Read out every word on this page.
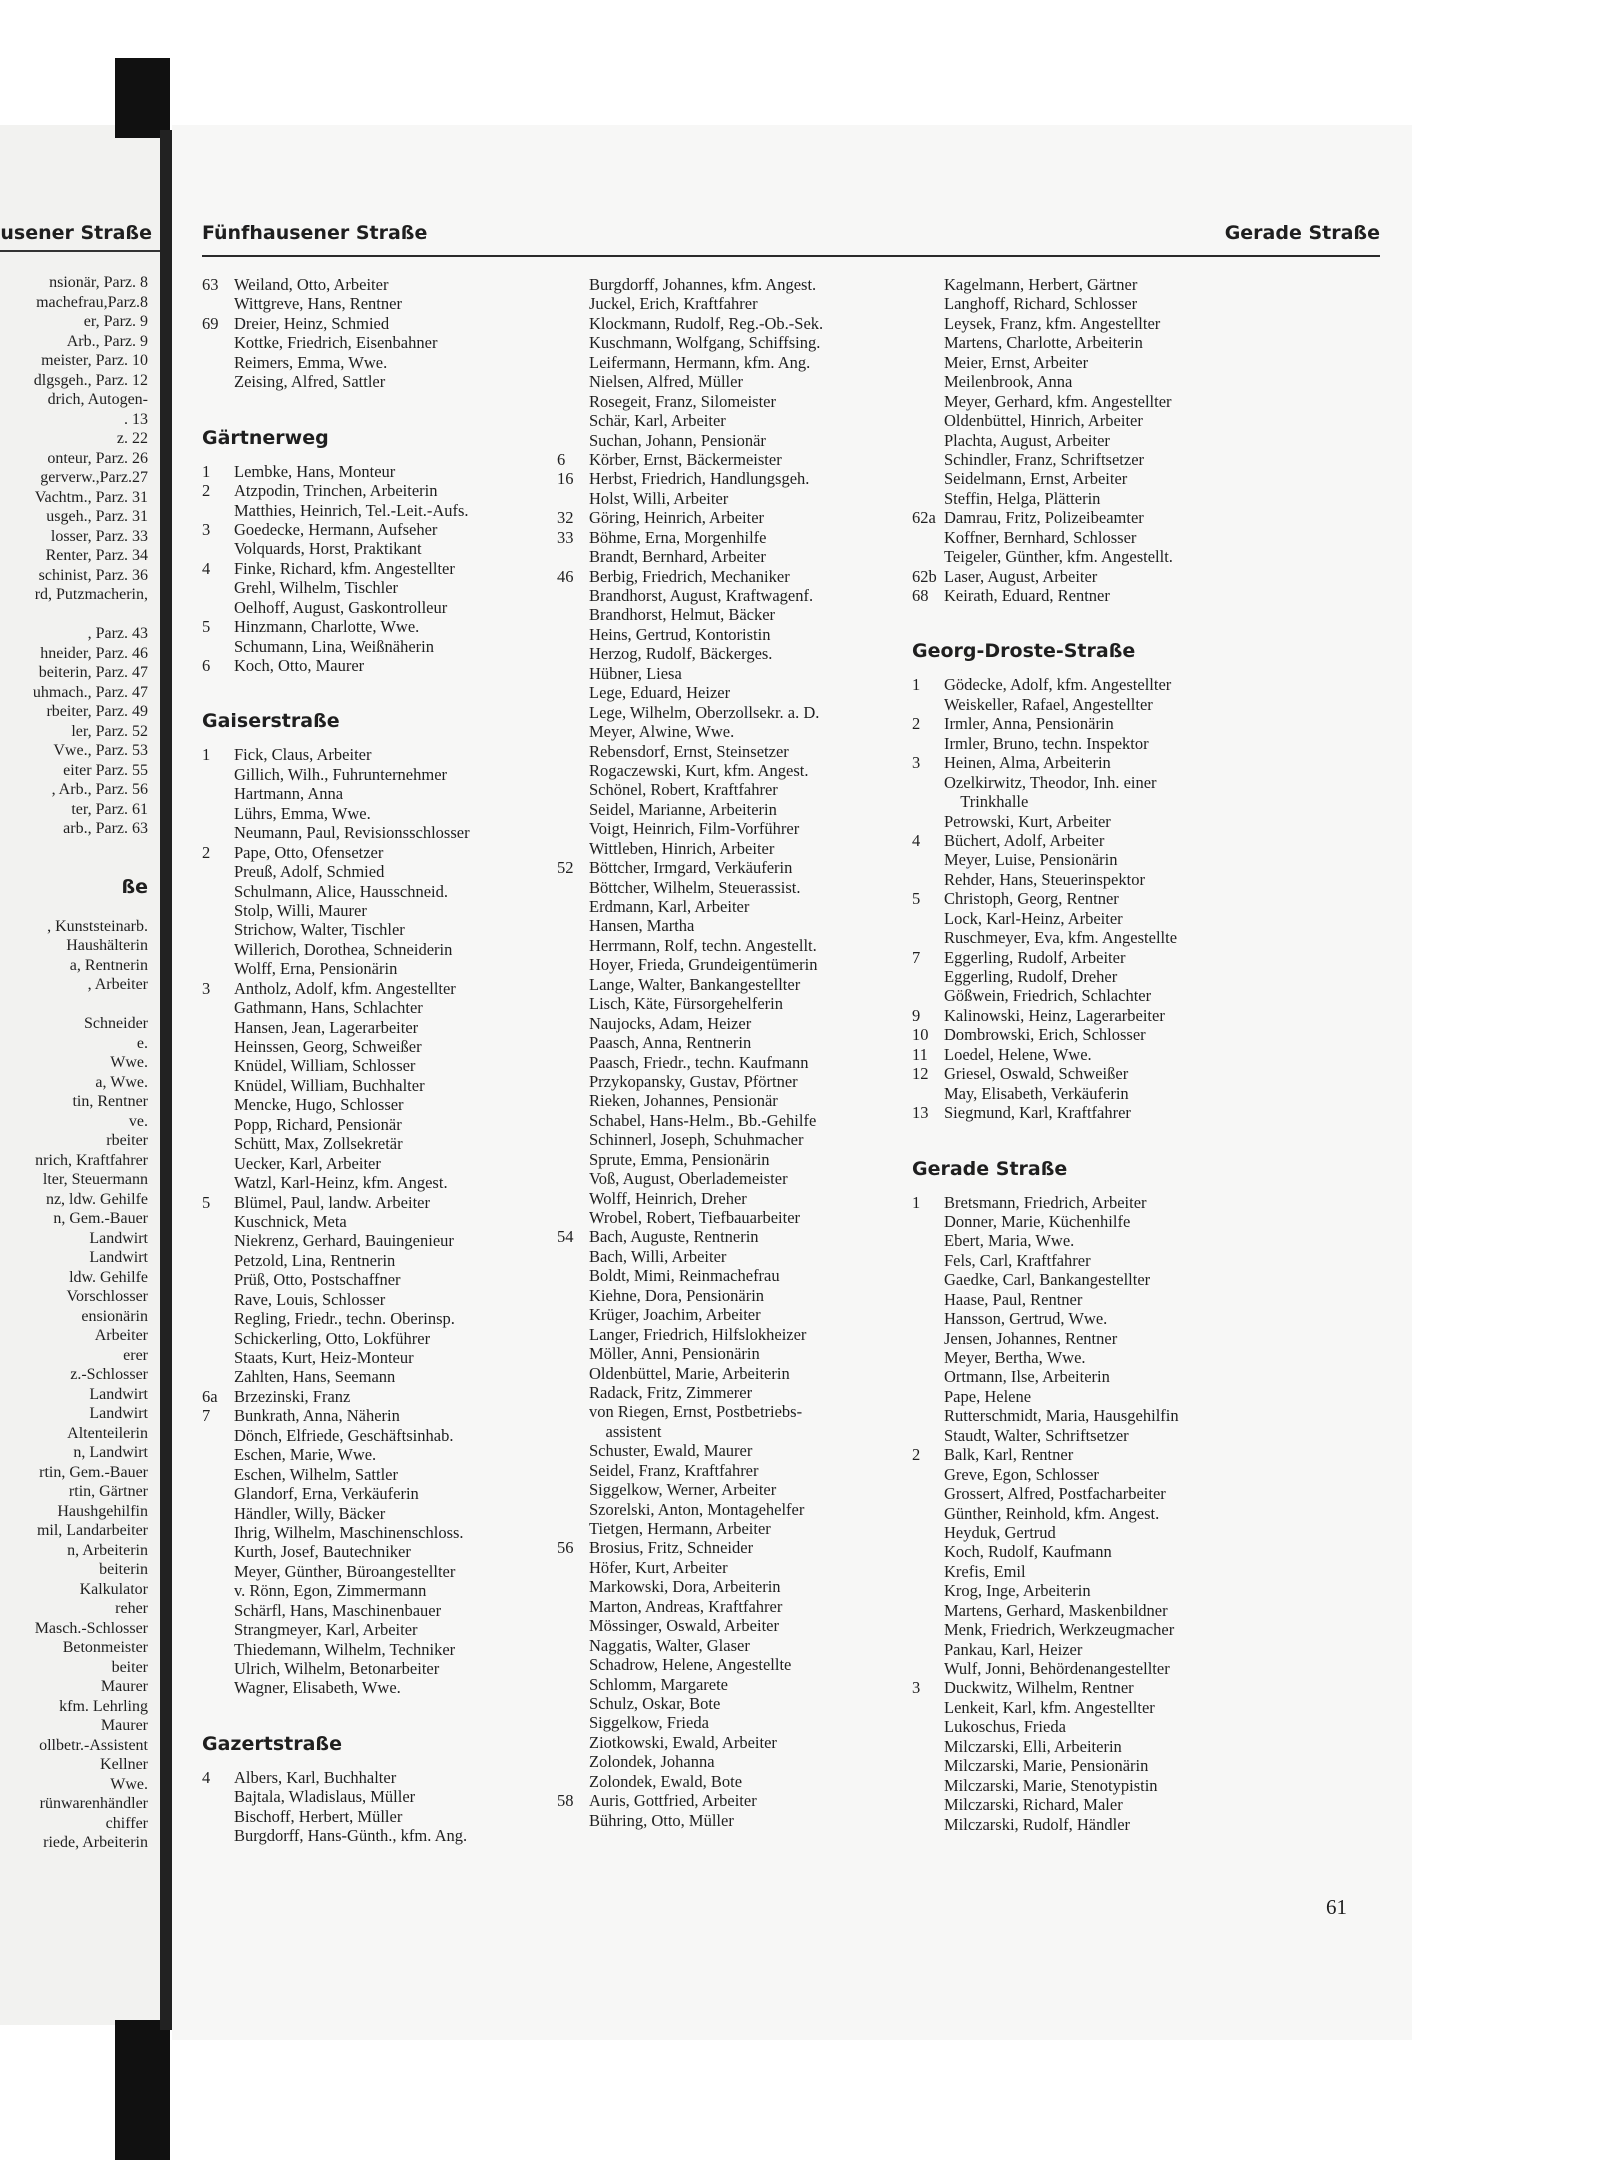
usener Straße
nsionär, Parz. 8
machefrau,Parz.8
er, Parz. 9
Arb., Parz. 9
meister, Parz. 10
dlgsgeh., Parz. 12
drich, Autogen-
. 13
z. 22
onteur, Parz. 26
gerverw.,Parz.27
Vachtm., Parz. 31
usgeh., Parz. 31
losser, Parz. 33
Renter, Parz. 34
schinist, Parz. 36
rd, Putzmacherin,
, Parz. 43
hneider, Parz. 46
beiterin, Parz. 47
uhmach., Parz. 47
rbeiter, Parz. 49
ler, Parz. 52
Vwe., Parz. 53
eiter Parz. 55
, Arb., Parz. 56
ter, Parz. 61
arb., Parz. 63
ße
, Kunststeinarb.
Haushälterin
a, Rentnerin
, Arbeiter
Schneider
e.
Wwe.
a, Wwe.
tin, Rentner
ve.
rbeiter
nrich, Kraftfahrer
lter, Steuermann
nz, ldw. Gehilfe
n, Gem.-Bauer
Landwirt
Landwirt
ldw. Gehilfe
Vorschlosser
ensionärin
Arbeiter
erer
z.-Schlosser
Landwirt
Landwirt
Altenteilerin
n, Landwirt
rtin, Gem.-Bauer
rtin, Gärtner
Haushgehilfin
mil, Landarbeiter
n, Arbeiterin
beiterin
Kalkulator
reher
Masch.-Schlosser
Betonmeister
beiter
Maurer
kfm. Lehrling
Maurer
ollbetr.-Assistent
Kellner
Wwe.
rünwarenhändler
chiffer
riede, Arbeiterin
Fünfhausener Straße	Gerade Straße
63 Weiland, Otto, Arbeiter
Wittgreve, Hans, Rentner
69 Dreier, Heinz, Schmied
Kottke, Friedrich, Eisenbahner
Reimers, Emma, Wwe.
Zeising, Alfred, Sattler
Gärtnerweg
1	Lembke, Hans, Monteur
2	Atzpodin, Trinchen, Arbeiterin
Matthies, Heinrich, Tel.-Leit.-Aufs.
3	Goedecke, Hermann, Aufseher
Volquards, Horst, Praktikant
4	Finke, Richard, kfm. Angestellter
Grehl, Wilhelm, Tischler
Oelhoff, August, Gaskontrolleur
5	Hinzmann, Charlotte, Wwe.
Schumann, Lina, Weißnäherin
6	Koch, Otto, Maurer
Gaiserstraße
1	Fick, Claus, Arbeiter
Gillich, Wilh., Fuhrunternehmer
Hartmann, Anna
Lührs, Emma, Wwe.
Neumann, Paul, Revisionsschlosser
2	Pape, Otto, Ofensetzer
Preuß, Adolf, Schmied
Schulmann, Alice, Hausschneid.
Stolp, Willi, Maurer
Strichow, Walter, Tischler
Willerich, Dorothea, Schneiderin
Wolff, Erna, Pensionärin
3	Antholz, Adolf, kfm. Angestellter
Gathmann, Hans, Schlachter
Hansen, Jean, Lagerarbeiter
Heinssen, Georg, Schweißer
Knüdel, William, Schlosser
Knüdel, William, Buchhalter
Mencke, Hugo, Schlosser
Popp, Richard, Pensionär
Schütt, Max, Zollsekretär
Uecker, Karl, Arbeiter
Watzl, Karl-Heinz, kfm. Angest.
5	Blümel, Paul, landw. Arbeiter
Kuschnick, Meta
Niekrenz, Gerhard, Bauingenieur
Petzold, Lina, Rentnerin
Prüß, Otto, Postschaffner
Rave, Louis, Schlosser
Regling, Friedr., techn. Oberinsp.
Schickerling, Otto, Lokführer
Staats, Kurt, Heiz-Monteur
Zahlten, Hans, Seemann
6a Brzezinski, Franz
7	Bunkrath, Anna, Näherin
Dönch, Elfriede, Geschäftsinhab.
Eschen, Marie, Wwe.
Eschen, Wilhelm, Sattler
Glandorf, Erna, Verkäuferin
Händler, Willy, Bäcker
Ihrig, Wilhelm, Maschinenschloss.
Kurth, Josef, Bautechniker
Meyer, Günther, Büroangestellter
v. Rönn, Egon, Zimmermann
Schärfl, Hans, Maschinenbauer
Strangmeyer, Karl, Arbeiter
Thiedemann, Wilhelm, Techniker
Ulrich, Wilhelm, Betonarbeiter
Wagner, Elisabeth, Wwe.
Gazertstraße
4	Albers, Karl, Buchhalter
Bajtala, Wladislaus, Müller
Bischoff, Herbert, Müller
Burgdorff, Hans-Günth., kfm. Ang.
Burgdorff, Johannes, kfm. Angest.
Juckel, Erich, Kraftfahrer
Klockmann, Rudolf, Reg.-Ob.-Sek.
Kuschmann, Wolfgang, Schiffsing.
Leifermann, Hermann, kfm. Ang.
Nielsen, Alfred, Müller
Rosegeit, Franz, Silomeister
Schär, Karl, Arbeiter
Suchan, Johann, Pensionär
6	Körber, Ernst, Bäckermeister
16 Herbst, Friedrich, Handlungsgeh.
Holst, Willi, Arbeiter
32 Göring, Heinrich, Arbeiter
33 Böhme, Erna, Morgenhilfe
Brandt, Bernhard, Arbeiter
46 Berbig, Friedrich, Mechaniker
Brandhorst, August, Kraftwagenf.
Brandhorst, Helmut, Bäcker
Heins, Gertrud, Kontoristin
Herzog, Rudolf, Bäckerges.
Hübner, Liesa
Lege, Eduard, Heizer
Lege, Wilhelm, Oberzollsekr. a. D.
Meyer, Alwine, Wwe.
Rebensdorf, Ernst, Steinsetzer
Rogaczewski, Kurt, kfm. Angest.
Schönel, Robert, Kraftfahrer
Seidel, Marianne, Arbeiterin
Voigt, Heinrich, Film-Vorführer
Wittleben, Hinrich, Arbeiter
52 Böttcher, Irmgard, Verkäuferin
Böttcher, Wilhelm, Steuerassist.
Erdmann, Karl, Arbeiter
Hansen, Martha
Herrmann, Rolf, techn. Angestellt.
Hoyer, Frieda, Grundeigentümerin
Lange, Walter, Bankangestellter
Lisch, Käte, Fürsorgehelferin
Naujocks, Adam, Heizer
Paasch, Anna, Rentnerin
Paasch, Friedr., techn. Kaufmann
Przykopansky, Gustav, Pförtner
Rieken, Johannes, Pensionär
Schabel, Hans-Helm., Bb.-Gehilfe
Schinnerl, Joseph, Schuhmacher
Sprute, Emma, Pensionärin
Voß, August, Oberlademeister
Wolff, Heinrich, Dreher
Wrobel, Robert, Tiefbauarbeiter
54 Bach, Auguste, Rentnerin
Bach, Willi, Arbeiter
Boldt, Mimi, Reinmachefrau
Kiehne, Dora, Pensionärin
Krüger, Joachim, Arbeiter
Langer, Friedrich, Hilfslokheizer
Möller, Anni, Pensionärin
Oldenbüttel, Marie, Arbeiterin
Radack, Fritz, Zimmerer
von Riegen, Ernst, Postbetriebs-
assistent
Schuster, Ewald, Maurer
Seidel, Franz, Kraftfahrer
Siggelkow, Werner, Arbeiter
Szorelski, Anton, Montagehelfer
Tietgen, Hermann, Arbeiter
56 Brosius, Fritz, Schneider
Höfer, Kurt, Arbeiter
Markowski, Dora, Arbeiterin
Marton, Andreas, Kraftfahrer
Mössinger, Oswald, Arbeiter
Naggatis, Walter, Glaser
Schadrow, Helene, Angestellte
Schlomm, Margarete
Schulz, Oskar, Bote
Siggelkow, Frieda
Ziotkowski, Ewald, Arbeiter
Zolondek, Johanna
Zolondek, Ewald, Bote
58 Auris, Gottfried, Arbeiter
Bühring, Otto, Müller
Kagelmann, Herbert, Gärtner
Langhoff, Richard, Schlosser
Leysek, Franz, kfm. Angestellter
Martens, Charlotte, Arbeiterin
Meier, Ernst, Arbeiter
Meilenbrook, Anna
Meyer, Gerhard, kfm. Angestellter
Oldenbüttel, Hinrich, Arbeiter
Plachta, August, Arbeiter
Schindler, Franz, Schriftsetzer
Seidelmann, Ernst, Arbeiter
Steffin, Helga, Plätterin
62a Damrau, Fritz, Polizeibeamter
Koffner, Bernhard, Schlosser
Teigeler, Günther, kfm. Angestellt.
62b Laser, August, Arbeiter
68 Keirath, Eduard, Rentner
Georg-Droste-Straße
1	Gödecke, Adolf, kfm. Angestellter
Weiskeller, Rafael, Angestellter
2	Irmler, Anna, Pensionärin
Irmler, Bruno, techn. Inspektor
3	Heinen, Alma, Arbeiterin
Ozelkirwitz, Theodor, Inh. einer
Trinkhalle
Petrowski, Kurt, Arbeiter
4	Büchert, Adolf, Arbeiter
Meyer, Luise, Pensionärin
Rehder, Hans, Steuerinspektor
5	Christoph, Georg, Rentner
Lock, Karl-Heinz, Arbeiter
Ruschmeyer, Eva, kfm. Angestellte
7	Eggerling, Rudolf, Arbeiter
Eggerling, Rudolf, Dreher
Gößwein, Friedrich, Schlachter
9	Kalinowski, Heinz, Lagerarbeiter
10 Dombrowski, Erich, Schlosser
11 Loedel, Helene, Wwe.
12 Griesel, Oswald, Schweißer
May, Elisabeth, Verkäuferin
13 Siegmund, Karl, Kraftfahrer
Gerade Straße
1	Bretsmann, Friedrich, Arbeiter
Donner, Marie, Küchenhilfe
Ebert, Maria, Wwe.
Fels, Carl, Kraftfahrer
Gaedke, Carl, Bankangestellter
Haase, Paul, Rentner
Hansson, Gertrud, Wwe.
Jensen, Johannes, Rentner
Meyer, Bertha, Wwe.
Ortmann, Ilse, Arbeiterin
Pape, Helene
Rutterschmidt, Maria, Hausgehilfin
Staudt, Walter, Schriftsetzer
2	Balk, Karl, Rentner
Greve, Egon, Schlosser
Grossert, Alfred, Postfacharbeiter
Günther, Reinhold, kfm. Angest.
Heyduk, Gertrud
Koch, Rudolf, Kaufmann
Krefis, Emil
Krog, Inge, Arbeiterin
Martens, Gerhard, Maskenbildner
Menk, Friedrich, Werkzeugmacher
Pankau, Karl, Heizer
Wulf, Jonni, Behördenangestellter
3	Duckwitz, Wilhelm, Rentner
Lenkeit, Karl, kfm. Angestellter
Lukoschus, Frieda
Milczarski, Elli, Arbeiterin
Milczarski, Marie, Pensionärin
Milczarski, Marie, Stenotypistin
Milczarski, Richard, Maler
Milczarski, Rudolf, Händler
61
